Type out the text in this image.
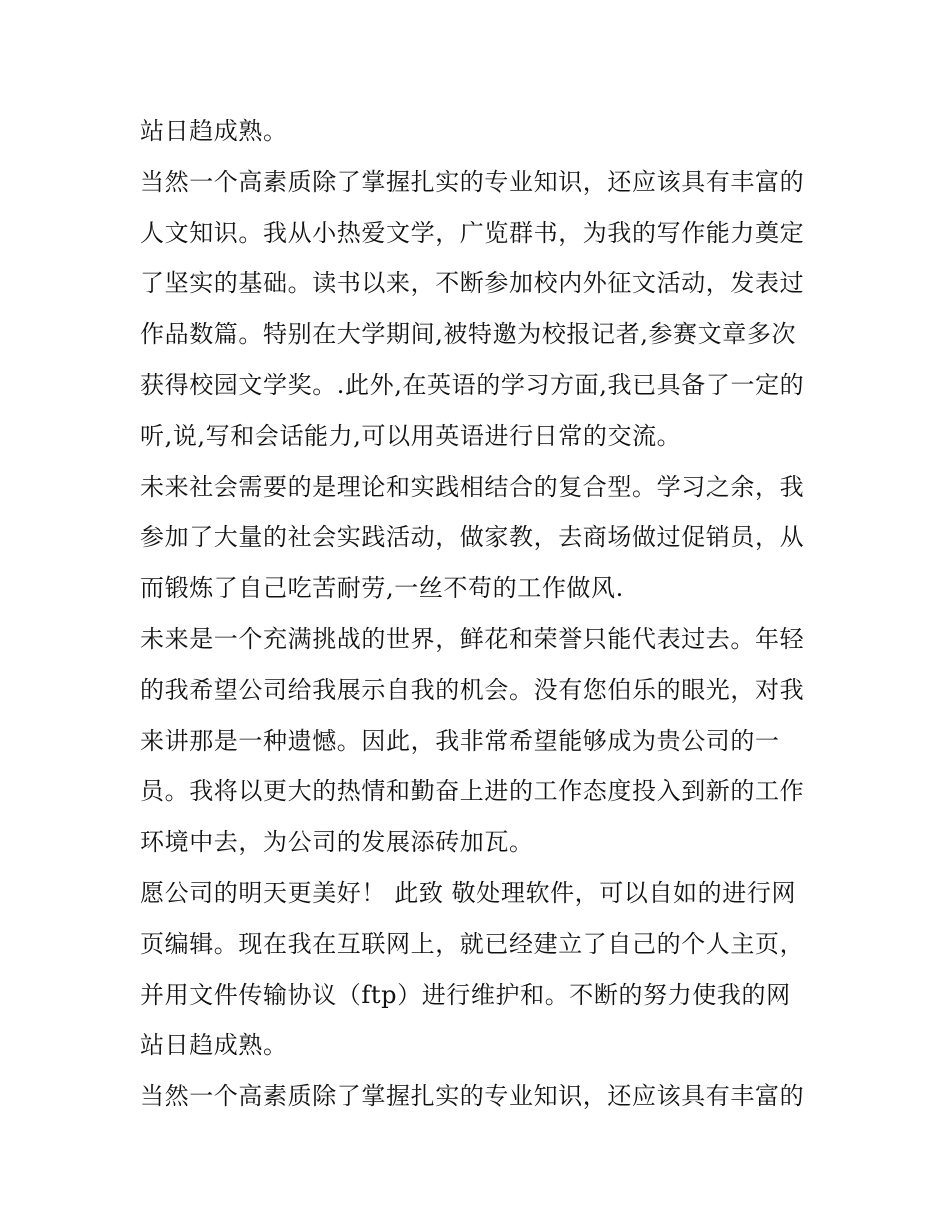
站日趋成熟。
当然一个高素质除了掌握扎实的专业知识，还应该具有丰富的
人文知识。我从小热爱文学，广览群书，为我的写作能力奠定
了坚实的基础。读书以来，不断参加校内外征文活动，发表过
作品数篇。特别在大学期间,被特邀为校报记者,参赛文章多次
获得校园文学奖。.此外,在英语的学习方面,我已具备了一定的
听,说,写和会话能力,可以用英语进行日常的交流。
未来社会需要的是理论和实践相结合的复合型。学习之余，我
参加了大量的社会实践活动，做家教，去商场做过促销员，从
而锻炼了自己吃苦耐劳,一丝不苟的工作做风.
未来是一个充满挑战的世界，鲜花和荣誉只能代表过去。年轻
的我希望公司给我展示自我的机会。没有您伯乐的眼光，对我
来讲那是一种遗憾。因此，我非常希望能够成为贵公司的一
员。我将以更大的热情和勤奋上进的工作态度投入到新的工作
环境中去，为公司的发展添砖加瓦。
愿公司的明天更美好！ 此致 敬处理软件，可以自如的进行网
页编辑。现在我在互联网上，就已经建立了自己的个人主页，
并用文件传输协议（ftp）进行维护和。不断的努力使我的网
站日趋成熟。
当然一个高素质除了掌握扎实的专业知识，还应该具有丰富的
